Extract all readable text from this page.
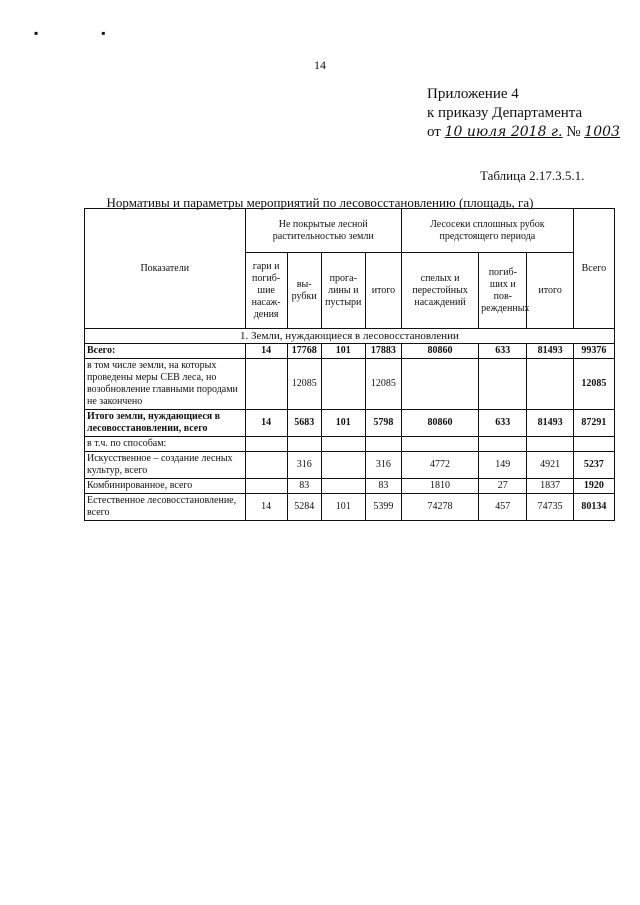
▪ ▪
14
Приложение 4
к приказу Департамента
от 10 июля 2018 г. № 1003
Таблица 2.17.3.5.1.
Нормативы и параметры мероприятий по лесовосстановлению (площадь, га)
Показатели	Не покрытые лесной растительностью земли				Лесосеки сплошных рубок предстоящего периода			Всего
	гари и погиб-шие насаж-дения	вы-рубки	прога-лины и пустыри	итого	спелых и перестойных насаждений	погиб-ших и пов-режденных	итого	
1. Земли, нуждающиеся в лесовосстановлении								
Всего:	14	17768	101	17883	80860	633	81493	99376
в том числе земли, на которых проведены меры СЕВ леса, но возобновление главными породами не закончено		12085		12085				12085
Итого земли, нуждающиеся в лесовосстановлении, всего	14	5683	101	5798	80860	633	81493	87291
в т.ч. по способам:								
Искусственное – создание лесных культур, всего		316		316	4772	149	4921	5237
Комбинированное, всего		83		83	1810	27	1837	1920
Естественное лесовосстановление, всего	14	5284	101	5399	74278	457	74735	80134
